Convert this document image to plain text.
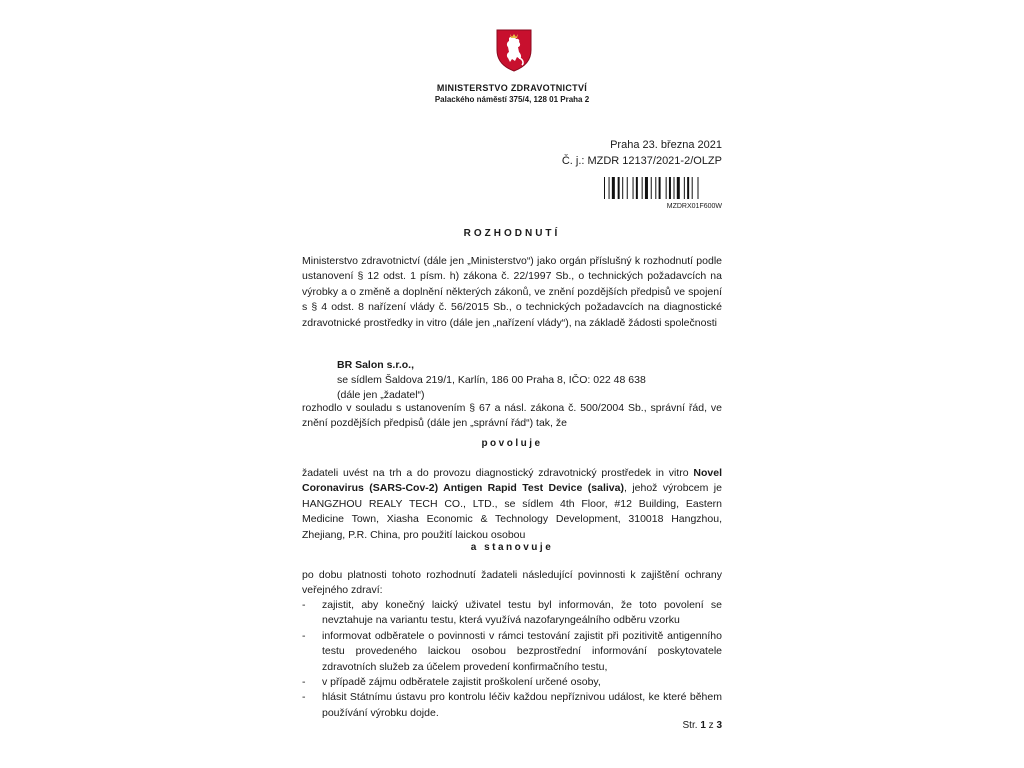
MINISTERSTVO ZDRAVOTNICTVÍ
Palackého náměstí 375/4, 128 01 Praha 2
Praha 23. března 2021
Č. j.: MZDR 12137/2021-2/OLZP
MZDRX01F600W
ROZHODNUTÍ
Ministerstvo zdravotnictví (dále jen „Ministerstvo“) jako orgán příslušný k rozhodnutí podle ustanovení § 12 odst. 1 písm. h) zákona č. 22/1997 Sb., o technických požadavcích na výrobky a o změně a doplnění některých zákonů, ve znění pozdějších předpisů ve spojení s § 4 odst. 8 nařízení vlády č. 56/2015 Sb., o technických požadavcích na diagnostické zdravotnické prostředky in vitro (dále jen „nařízení vlády“), na základě žádosti společnosti
BR Salon s.r.o.,
se sídlem Šaldova 219/1, Karlín, 186 00 Praha 8, IČO: 022 48 638
(dále jen „žadatel“)
rozhodlo v souladu s ustanovením § 67 a násl. zákona č. 500/2004 Sb., správní řád, ve znění pozdějších předpisů (dále jen „správní řád“) tak, že
povoluje
žadateli uvést na trh a do provozu diagnostický zdravotnický prostředek in vitro Novel Coronavirus (SARS-Cov-2) Antigen Rapid Test Device (saliva), jehož výrobcem je HANGZHOU REALY TECH CO., LTD., se sídlem 4th Floor, #12 Building, Eastern Medicine Town, Xiasha Economic & Technology Development, 310018 Hangzhou, Zhejiang, P.R. China, pro použití laickou osobou
a stanovuje
po dobu platnosti tohoto rozhodnutí žadateli následující povinnosti k zajištění ochrany veřejného zdraví:
- zajistit, aby konečný laický uživatel testu byl informován, že toto povolení se nevztahuje na variantu testu, která využívá nazofaryngeálního odběru vzorku
- informovat odběratele o povinnosti v rámci testování zajistit při pozitivitě antigenního testu provedeného laickou osobou bezprostřední informování poskytovatele zdravotních služeb za účelem provedení konfirmačního testu,
- v případě zájmu odběratele zajistit proškolení určené osoby,
- hlásit Státnímu ústavu pro kontrolu léčiv každou nepříznivou událost, ke které během používání výrobku dojde.
Str. 1 z 3
